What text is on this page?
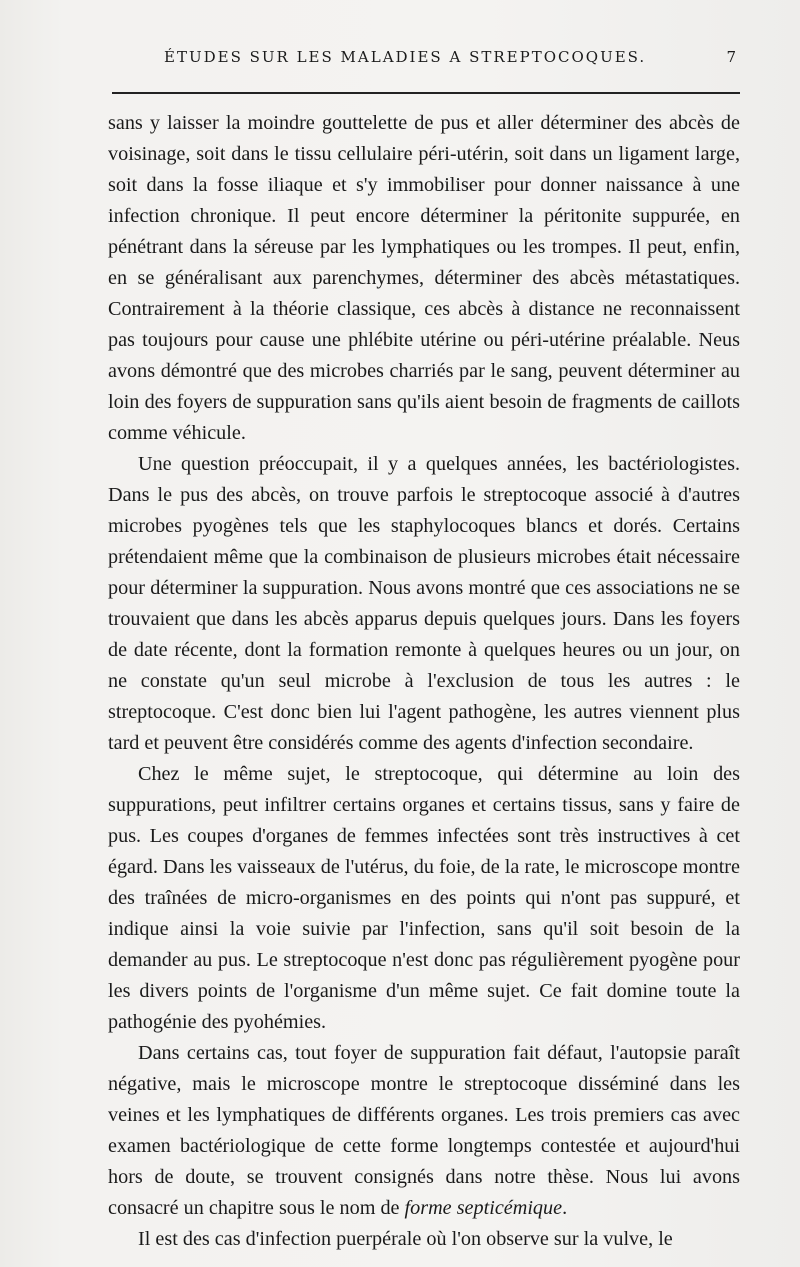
ÉTUDES SUR LES MALADIES A STREPTOCOQUES.	7

sans y laisser la moindre gouttelette de pus et aller déterminer des abcès de voisinage, soit dans le tissu cellulaire péri-utérin, soit dans un ligament large, soit dans la fosse iliaque et s'y immobiliser pour donner naissance à une infection chronique. Il peut encore déterminer la péritonite suppurée, en pénétrant dans la séreuse par les lymphatiques ou les trompes. Il peut, enfin, en se généralisant aux parenchymes, déterminer des abcès métastatiques. Contrairement à la théorie classique, ces abcès à distance ne reconnaissent pas toujours pour cause une phlébite utérine ou péri-utérine préalable. Neus avons démontré que des microbes charriés par le sang, peuvent déterminer au loin des foyers de suppuration sans qu'ils aient besoin de fragments de caillots comme véhicule.

Une question préoccupait, il y a quelques années, les bactériologistes. Dans le pus des abcès, on trouve parfois le streptocoque associé à d'autres microbes pyogènes tels que les staphylocoques blancs et dorés. Certains prétendaient même que la combinaison de plusieurs microbes était nécessaire pour déterminer la suppuration. Nous avons montré que ces associations ne se trouvaient que dans les abcès apparus depuis quelques jours. Dans les foyers de date récente, dont la formation remonte à quelques heures ou un jour, on ne constate qu'un seul microbe à l'exclusion de tous les autres : le streptocoque. C'est donc bien lui l'agent pathogène, les autres viennent plus tard et peuvent être considérés comme des agents d'infection secondaire.

Chez le même sujet, le streptocoque, qui détermine au loin des suppurations, peut infiltrer certains organes et certains tissus, sans y faire de pus. Les coupes d'organes de femmes infectées sont très instructives à cet égard. Dans les vaisseaux de l'utérus, du foie, de la rate, le microscope montre des traînées de micro-organismes en des points qui n'ont pas suppuré, et indique ainsi la voie suivie par l'infection, sans qu'il soit besoin de la demander au pus. Le streptocoque n'est donc pas régulièrement pyogène pour les divers points de l'organisme d'un même sujet. Ce fait domine toute la pathogénie des pyohémies.

Dans certains cas, tout foyer de suppuration fait défaut, l'autopsie paraît négative, mais le microscope montre le streptocoque disséminé dans les veines et les lymphatiques de différents organes. Les trois premiers cas avec examen bactériologique de cette forme longtemps contestée et aujourd'hui hors de doute, se trouvent consignés dans notre thèse. Nous lui avons consacré un chapitre sous le nom de forme septicémique.

Il est des cas d'infection puerpérale où l'on observe sur la vulve, le
